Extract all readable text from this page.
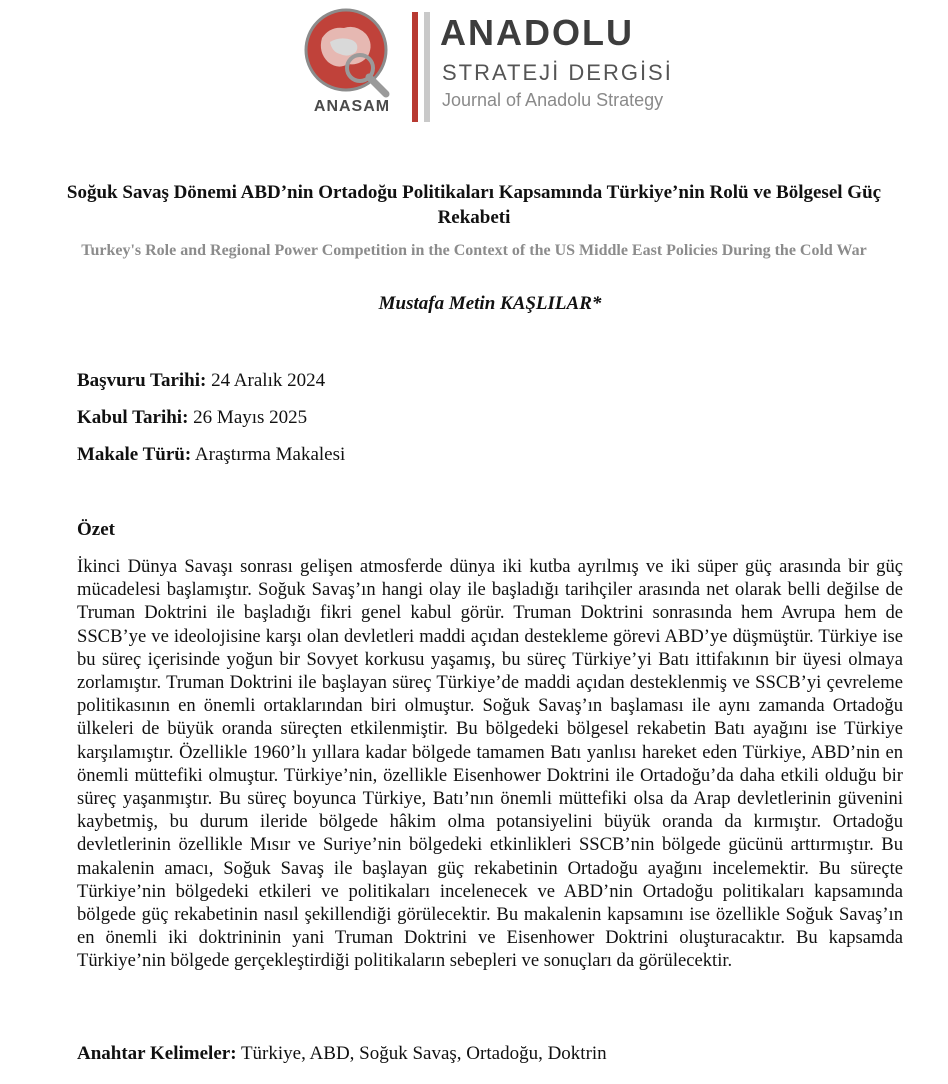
ANASAM
ANADOLU
STRATEJİ DERGİSİ
Journal of Anadolu Strategy
Soğuk Savaş Dönemi ABD’nin Ortadoğu Politikaları Kapsamında Türkiye’nin Rolü ve Bölgesel Güç Rekabeti
Turkey's Role and Regional Power Competition in the Context of the US Middle East Policies During the Cold War
Mustafa Metin KAŞLILAR*
Başvuru Tarihi: 24 Aralık 2024
Kabul Tarihi: 26 Mayıs 2025
Makale Türü: Araştırma Makalesi
Özet
İkinci Dünya Savaşı sonrası gelişen atmosferde dünya iki kutba ayrılmış ve iki süper güç arasında bir güç mücadelesi başlamıştır. Soğuk Savaş’ın hangi olay ile başladığı tarihçiler arasında net olarak belli değilse de Truman Doktrini ile başladığı fikri genel kabul görür. Truman Doktrini sonrasında hem Avrupa hem de SSCB’ye ve ideolojisine karşı olan devletleri maddi açıdan destekleme görevi ABD’ye düşmüştür. Türkiye ise bu süreç içerisinde yoğun bir Sovyet korkusu yaşamış, bu süreç Türkiye’yi Batı ittifakının bir üyesi olmaya zorlamıştır. Truman Doktrini ile başlayan süreç Türkiye’de maddi açıdan desteklenmiş ve SSCB’yi çevreleme politikasının en önemli ortaklarından biri olmuştur. Soğuk Savaş’ın başlaması ile aynı zamanda Ortadoğu ülkeleri de büyük oranda süreçten etkilenmiştir. Bu bölgedeki bölgesel rekabetin Batı ayağını ise Türkiye karşılamıştır. Özellikle 1960’lı yıllara kadar bölgede tamamen Batı yanlısı hareket eden Türkiye, ABD’nin en önemli müttefiki olmuştur. Türkiye’nin, özellikle Eisenhower Doktrini ile Ortadoğu’da daha etkili olduğu bir süreç yaşanmıştır. Bu süreç boyunca Türkiye, Batı’nın önemli müttefiki olsa da Arap devletlerinin güvenini kaybetmiş, bu durum ileride bölgede hâkim olma potansiyelini büyük oranda da kırmıştır. Ortadoğu devletlerinin özellikle Mısır ve Suriye’nin bölgedeki etkinlikleri SSCB’nin bölgede gücünü arttırmıştır. Bu makalenin amacı, Soğuk Savaş ile başlayan güç rekabetinin Ortadoğu ayağını incelemektir. Bu süreçte Türkiye’nin bölgedeki etkileri ve politikaları incelenecek ve ABD’nin Ortadoğu politikaları kapsamında bölgede güç rekabetinin nasıl şekillendiği görülecektir. Bu makalenin kapsamını ise özellikle Soğuk Savaş’ın en önemli iki doktrininin yani Truman Doktrini ve Eisenhower Doktrini oluşturacaktır. Bu kapsamda Türkiye’nin bölgede gerçekleştirdiği politikaların sebepleri ve sonuçları da görülecektir.
Anahtar Kelimeler: Türkiye, ABD, Soğuk Savaş, Ortadoğu, Doktrin
